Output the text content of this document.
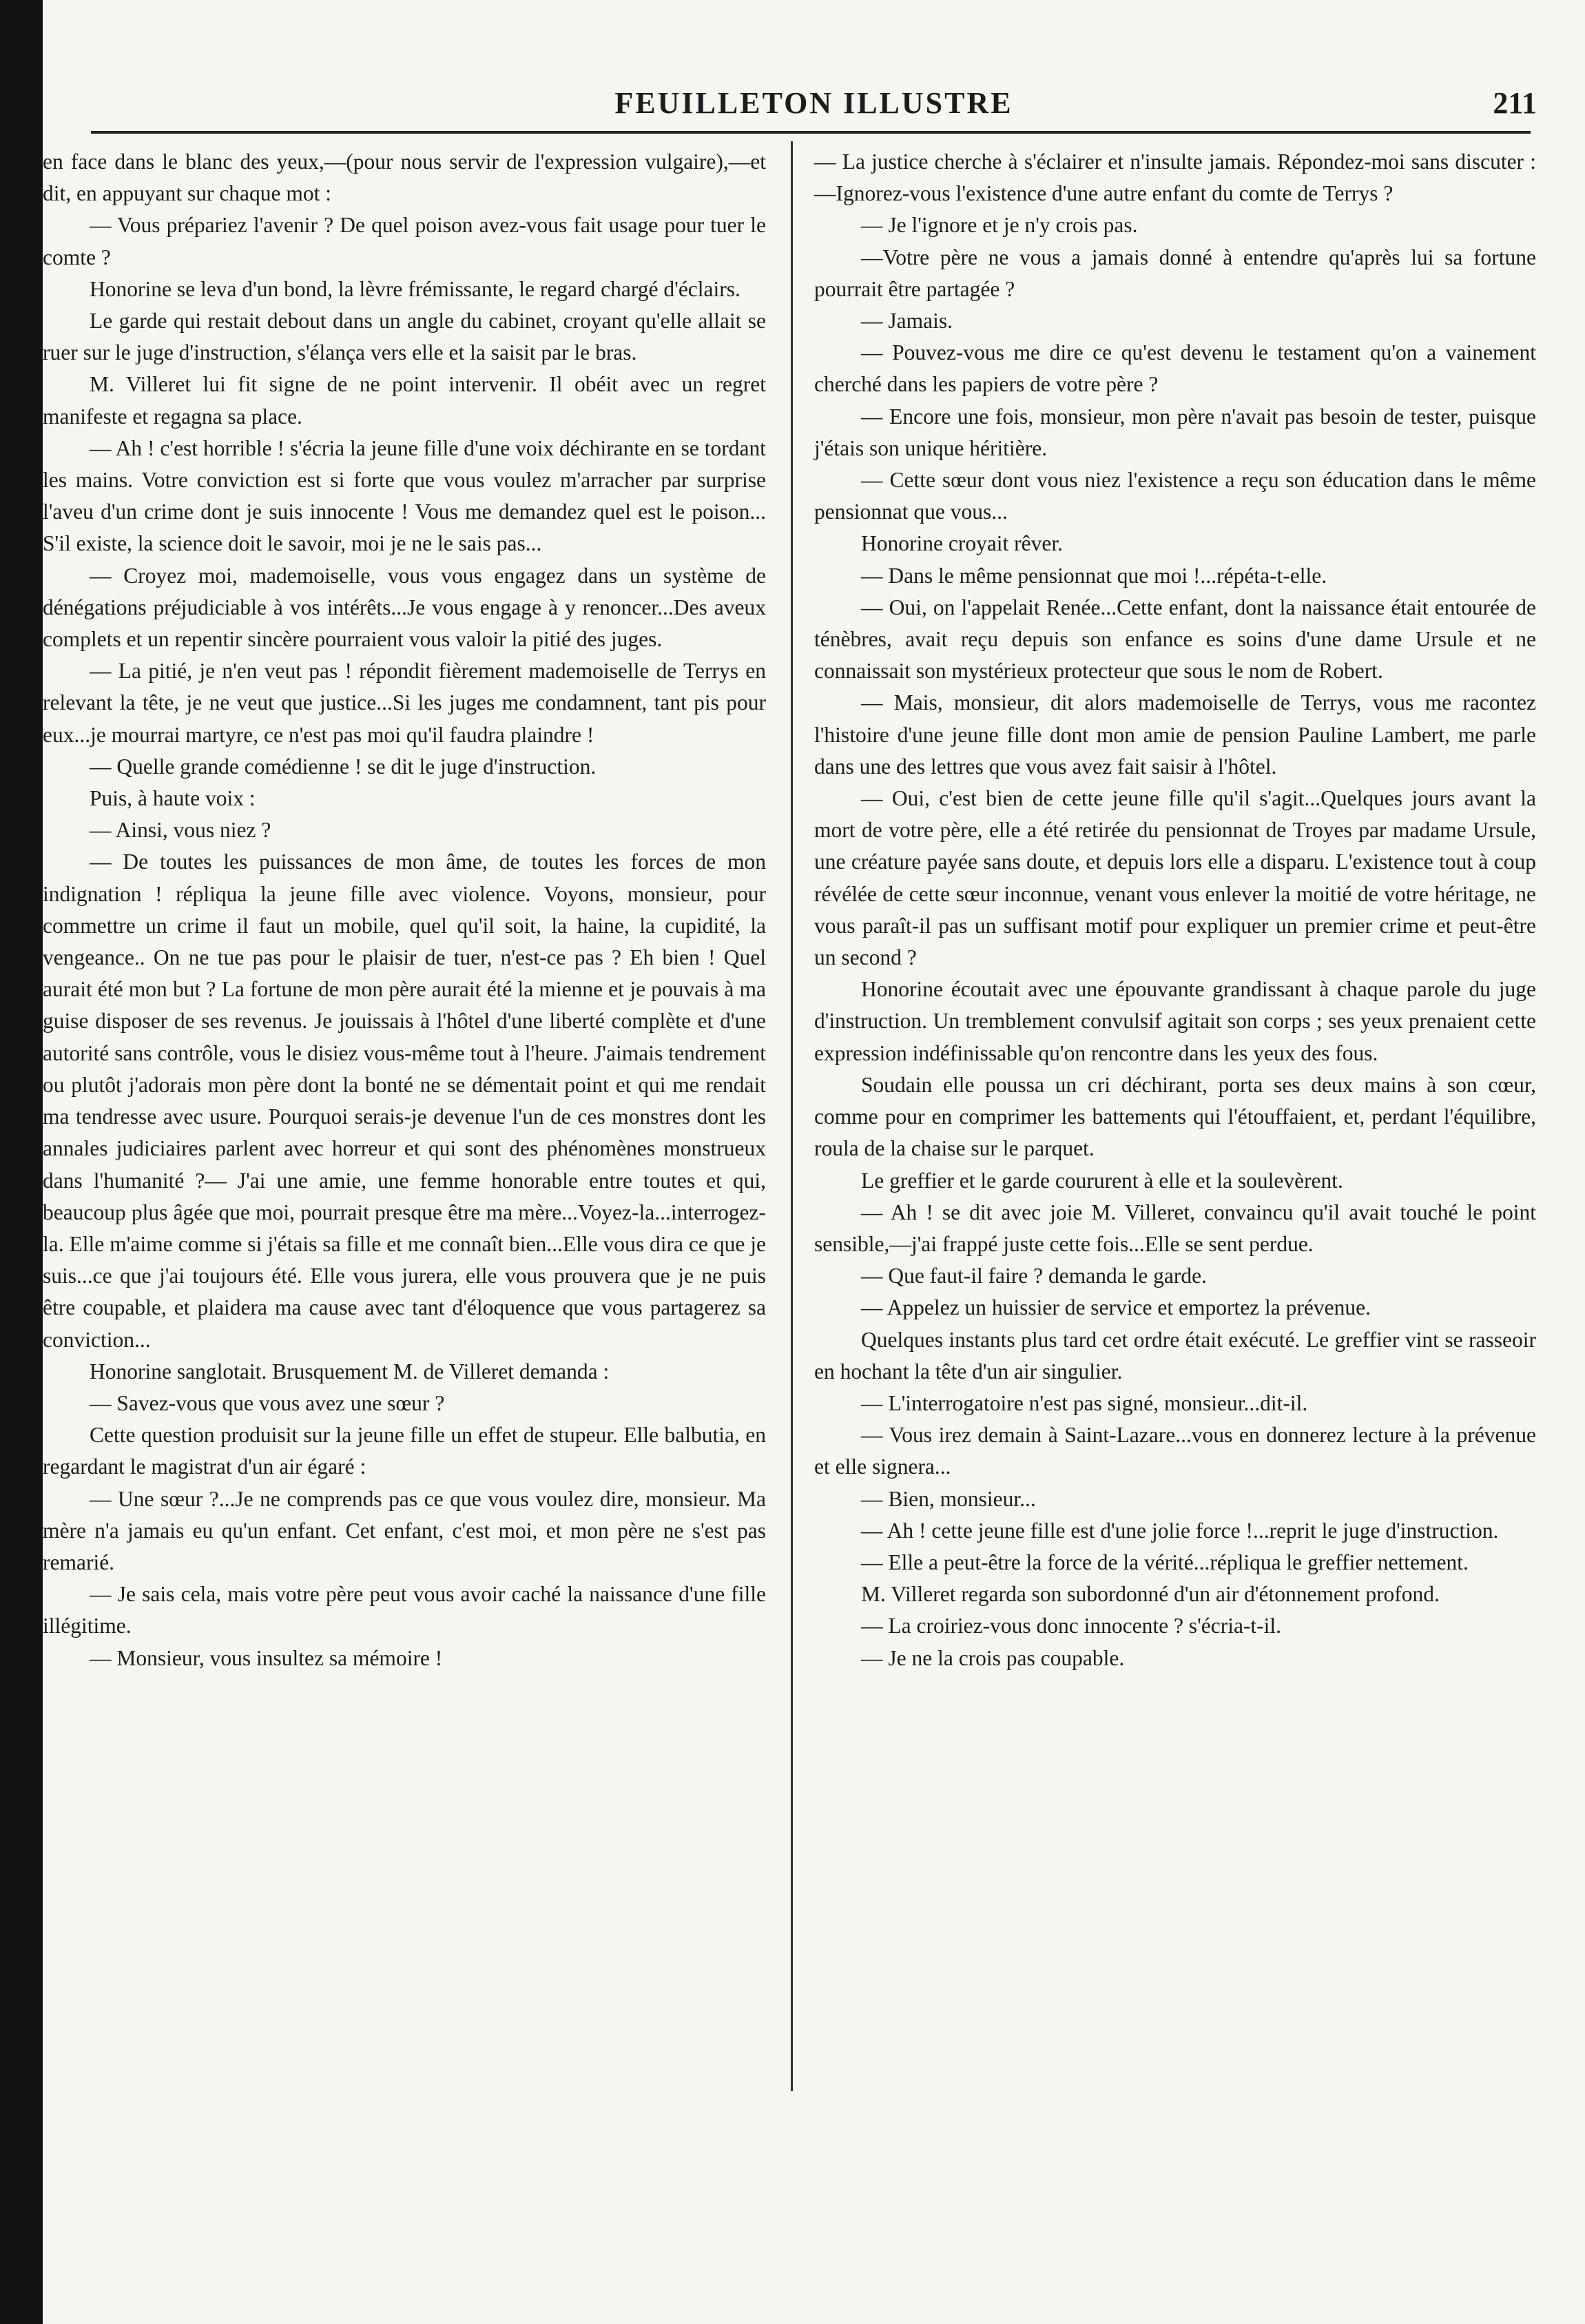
FEUILLETON ILLUSTRE	211

en face dans le blanc des yeux,—(pour nous servir de l'expression vulgaire),—et dit, en appuyant sur chaque mot :

— Vous prépariez l'avenir ? De quel poison avez-vous fait usage pour tuer le comte ?

Honorine se leva d'un bond, la lèvre frémissante, le regard chargé d'éclairs.

Le garde qui restait debout dans un angle du cabinet, croyant qu'elle allait se ruer sur le juge d'instruction, s'élança vers elle et la saisit par le bras.

M. Villeret lui fit signe de ne point intervenir. Il obéit avec un regret manifeste et regagna sa place.

— Ah ! c'est horrible ! s'écria la jeune fille d'une voix déchirante en se tordant les mains. Votre conviction est si forte que vous voulez m'arracher par surprise l'aveu d'un crime dont je suis innocente ! Vous me demandez quel est le poison... S'il existe, la science doit le savoir, moi je ne le sais pas...

— Croyez moi, mademoiselle, vous vous engagez dans un système de dénégations préjudiciable à vos intérêts...Je vous engage à y renoncer...Des aveux complets et un repentir sincère pourraient vous valoir la pitié des juges.

— La pitié, je n'en veut pas ! répondit fièrement mademoiselle de Terrys en relevant la tête, je ne veut que justice...Si les juges me condamnent, tant pis pour eux...je mourrai martyre, ce n'est pas moi qu'il faudra plaindre !

— Quelle grande comédienne ! se dit le juge d'instruction.

Puis, à haute voix :

— Ainsi, vous niez ?

— De toutes les puissances de mon âme, de toutes les forces de mon indignation ! répliqua la jeune fille avec violence. Voyons, monsieur, pour commettre un crime il faut un mobile, quel qu'il soit, la haine, la cupidité, la vengeance.. On ne tue pas pour le plaisir de tuer, n'est-ce pas ? Eh bien ! Quel aurait été mon but ? La fortune de mon père aurait été la mienne et je pouvais à ma guise disposer de ses revenus. Je jouissais à l'hôtel d'une liberté complète et d'une autorité sans contrôle, vous le disiez vous-même tout à l'heure. J'aimais tendrement ou plutôt j'adorais mon père dont la bonté ne se démentait point et qui me rendait ma tendresse avec usure. Pourquoi serais-je devenue l'un de ces monstres dont les annales judiciaires parlent avec horreur et qui sont des phénomènes monstrueux dans l'humanité ?— J'ai une amie, une femme honorable entre toutes et qui, beaucoup plus âgée que moi, pourrait presque être ma mère...Voyez-la...interrogez-la. Elle m'aime comme si j'étais sa fille et me connaît bien...Elle vous dira ce que je suis...ce que j'ai toujours été. Elle vous jurera, elle vous prouvera que je ne puis être coupable, et plaidera ma cause avec tant d'éloquence que vous partagerez sa conviction...

Honorine sanglotait. Brusquement M. de Villeret demanda :

— Savez-vous que vous avez une sœur ?

Cette question produisit sur la jeune fille un effet de stupeur. Elle balbutia, en regardant le magistrat d'un air égaré :

— Une sœur ?...Je ne comprends pas ce que vous voulez dire, monsieur. Ma mère n'a jamais eu qu'un enfant. Cet enfant, c'est moi, et mon père ne s'est pas remarié.

— Je sais cela, mais votre père peut vous avoir caché la naissance d'une fille illégitime.

— Monsieur, vous insultez sa mémoire !

— La justice cherche à s'éclairer et n'insulte jamais. Répondez-moi sans discuter :—Ignorez-vous l'existence d'une autre enfant du comte de Terrys ?

— Je l'ignore et je n'y crois pas.

—Votre père ne vous a jamais donné à entendre qu'après lui sa fortune pourrait être partagée ?

— Jamais.

— Pouvez-vous me dire ce qu'est devenu le testament qu'on a vainement cherché dans les papiers de votre père ?

— Encore une fois, monsieur, mon père n'avait pas besoin de tester, puisque j'étais son unique héritière.

— Cette sœur dont vous niez l'existence a reçu son éducation dans le même pensionnat que vous...

Honorine croyait rêver.

— Dans le même pensionnat que moi !...répéta-t-elle.

— Oui, on l'appelait Renée...Cette enfant, dont la naissance était entourée de ténèbres, avait reçu depuis son enfance es soins d'une dame Ursule et ne connaissait son mystérieux protecteur que sous le nom de Robert.

— Mais, monsieur, dit alors mademoiselle de Terrys, vous me racontez l'histoire d'une jeune fille dont mon amie de pension Pauline Lambert, me parle dans une des lettres que vous avez fait saisir à l'hôtel.

— Oui, c'est bien de cette jeune fille qu'il s'agit...Quelques jours avant la mort de votre père, elle a été retirée du pensionnat de Troyes par madame Ursule, une créature payée sans doute, et depuis lors elle a disparu. L'existence tout à coup révélée de cette sœur inconnue, venant vous enlever la moitié de votre héritage, ne vous paraît-il pas un suffisant motif pour expliquer un premier crime et peut-être un second ?

Honorine écoutait avec une épouvante grandissant à chaque parole du juge d'instruction. Un tremblement convulsif agitait son corps ; ses yeux prenaient cette expression indéfinissable qu'on rencontre dans les yeux des fous.

Soudain elle poussa un cri déchirant, porta ses deux mains à son cœur, comme pour en comprimer les battements qui l'étouffaient, et, perdant l'équilibre, roula de la chaise sur le parquet.

Le greffier et le garde coururent à elle et la soulevèrent.

— Ah ! se dit avec joie M. Villeret, convaincu qu'il avait touché le point sensible,—j'ai frappé juste cette fois...Elle se sent perdue.

— Que faut-il faire ? demanda le garde.

— Appelez un huissier de service et emportez la prévenue.

Quelques instants plus tard cet ordre était exécuté. Le greffier vint se rasseoir en hochant la tête d'un air singulier.

— L'interrogatoire n'est pas signé, monsieur...dit-il.

— Vous irez demain à Saint-Lazare...vous en donnerez lecture à la prévenue et elle signera...

— Bien, monsieur...

— Ah ! cette jeune fille est d'une jolie force !...reprit le juge d'instruction.

— Elle a peut-être la force de la vérité...répliqua le greffier nettement.

M. Villeret regarda son subordonné d'un air d'étonnement profond.

— La croiriez-vous donc innocente ? s'écria-t-il.

— Je ne la crois pas coupable.
